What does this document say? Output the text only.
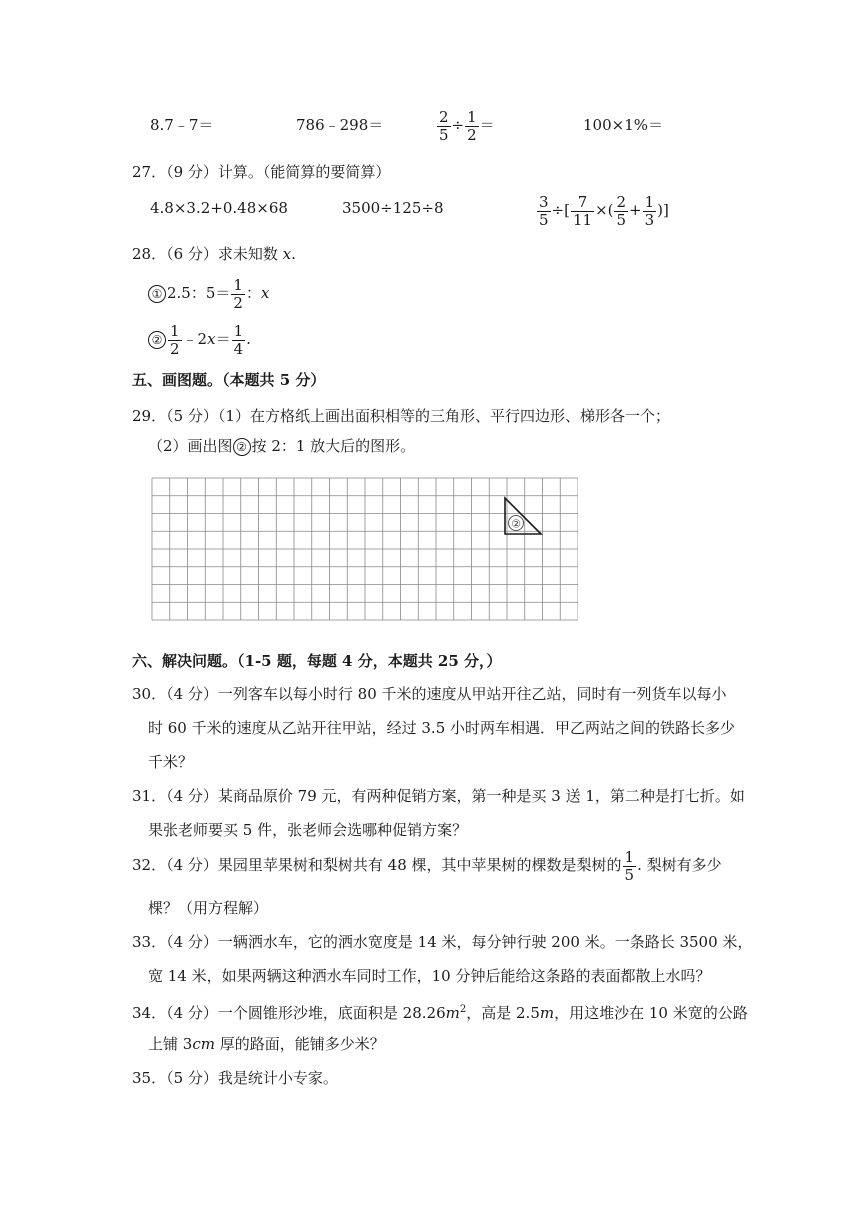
8.7﹣7＝	786﹣298＝	$\frac{2}{5} \div \frac{1}{2}$ ＝	100×1%＝
27．（9 分）计算。（能简算的要简算）
4.8×3.2+0.48×68	3500÷125÷8	$\frac{3}{5}$ ÷[ $\frac{7}{11}$ ×( $\frac{2}{5} + \frac{1}{3}$ )]
28．（6 分）求未知数 x.
① 2.5：$5= \frac{1}{2}$ ：x
② $\frac{1}{2}$ ﹣2x＝ $\frac{1}{4}$ .
五、画图题。（本题共 5 分）
29．（5 分）（1）在方格纸上画出面积相等的三角形、平行四边形、梯形各一个；
（2）画出图 ② 按 2：1 放大后的图形。
②
六、解决问题。（1-5 题，每题 4 分，本题共 25 分，）
30．（4 分）一列客车以每小时行 80 千米的速度从甲站开往乙站，同时有一列货车以每小
时 60 千米的速度从乙站开往甲站，经过 3.5 小时两车相遇．甲乙两站之间的铁路长多少
千米？
31．（4 分）某商品原价 79 元，有两种促销方案，第一种是买 3 送 1，第二种是打七折。如
果张老师要买 5 件，张老师会选哪种促销方案？
32．（4 分）果园里苹果树和梨树共有 48 棵，其中苹果树的棵数是梨树的 $\frac{1}{5}$ . 梨树有多少
棵？（用方程解）
33．（4 分）一辆洒水车，它的洒水宽度是 14 米，每分钟行驶 200 米。一条路长 3500 米，
宽 14 米，如果两辆这种洒水车同时工作，10 分钟后能给这条路的表面都散上水吗？
34．（4 分）一个圆锥形沙堆，底面积是 $28.26m^2$，高是 2.5m，用这堆沙在 10 米宽的公路
上铺 3cm 厚的路面，能铺多少米？
35．（5 分）我是统计小专家。
